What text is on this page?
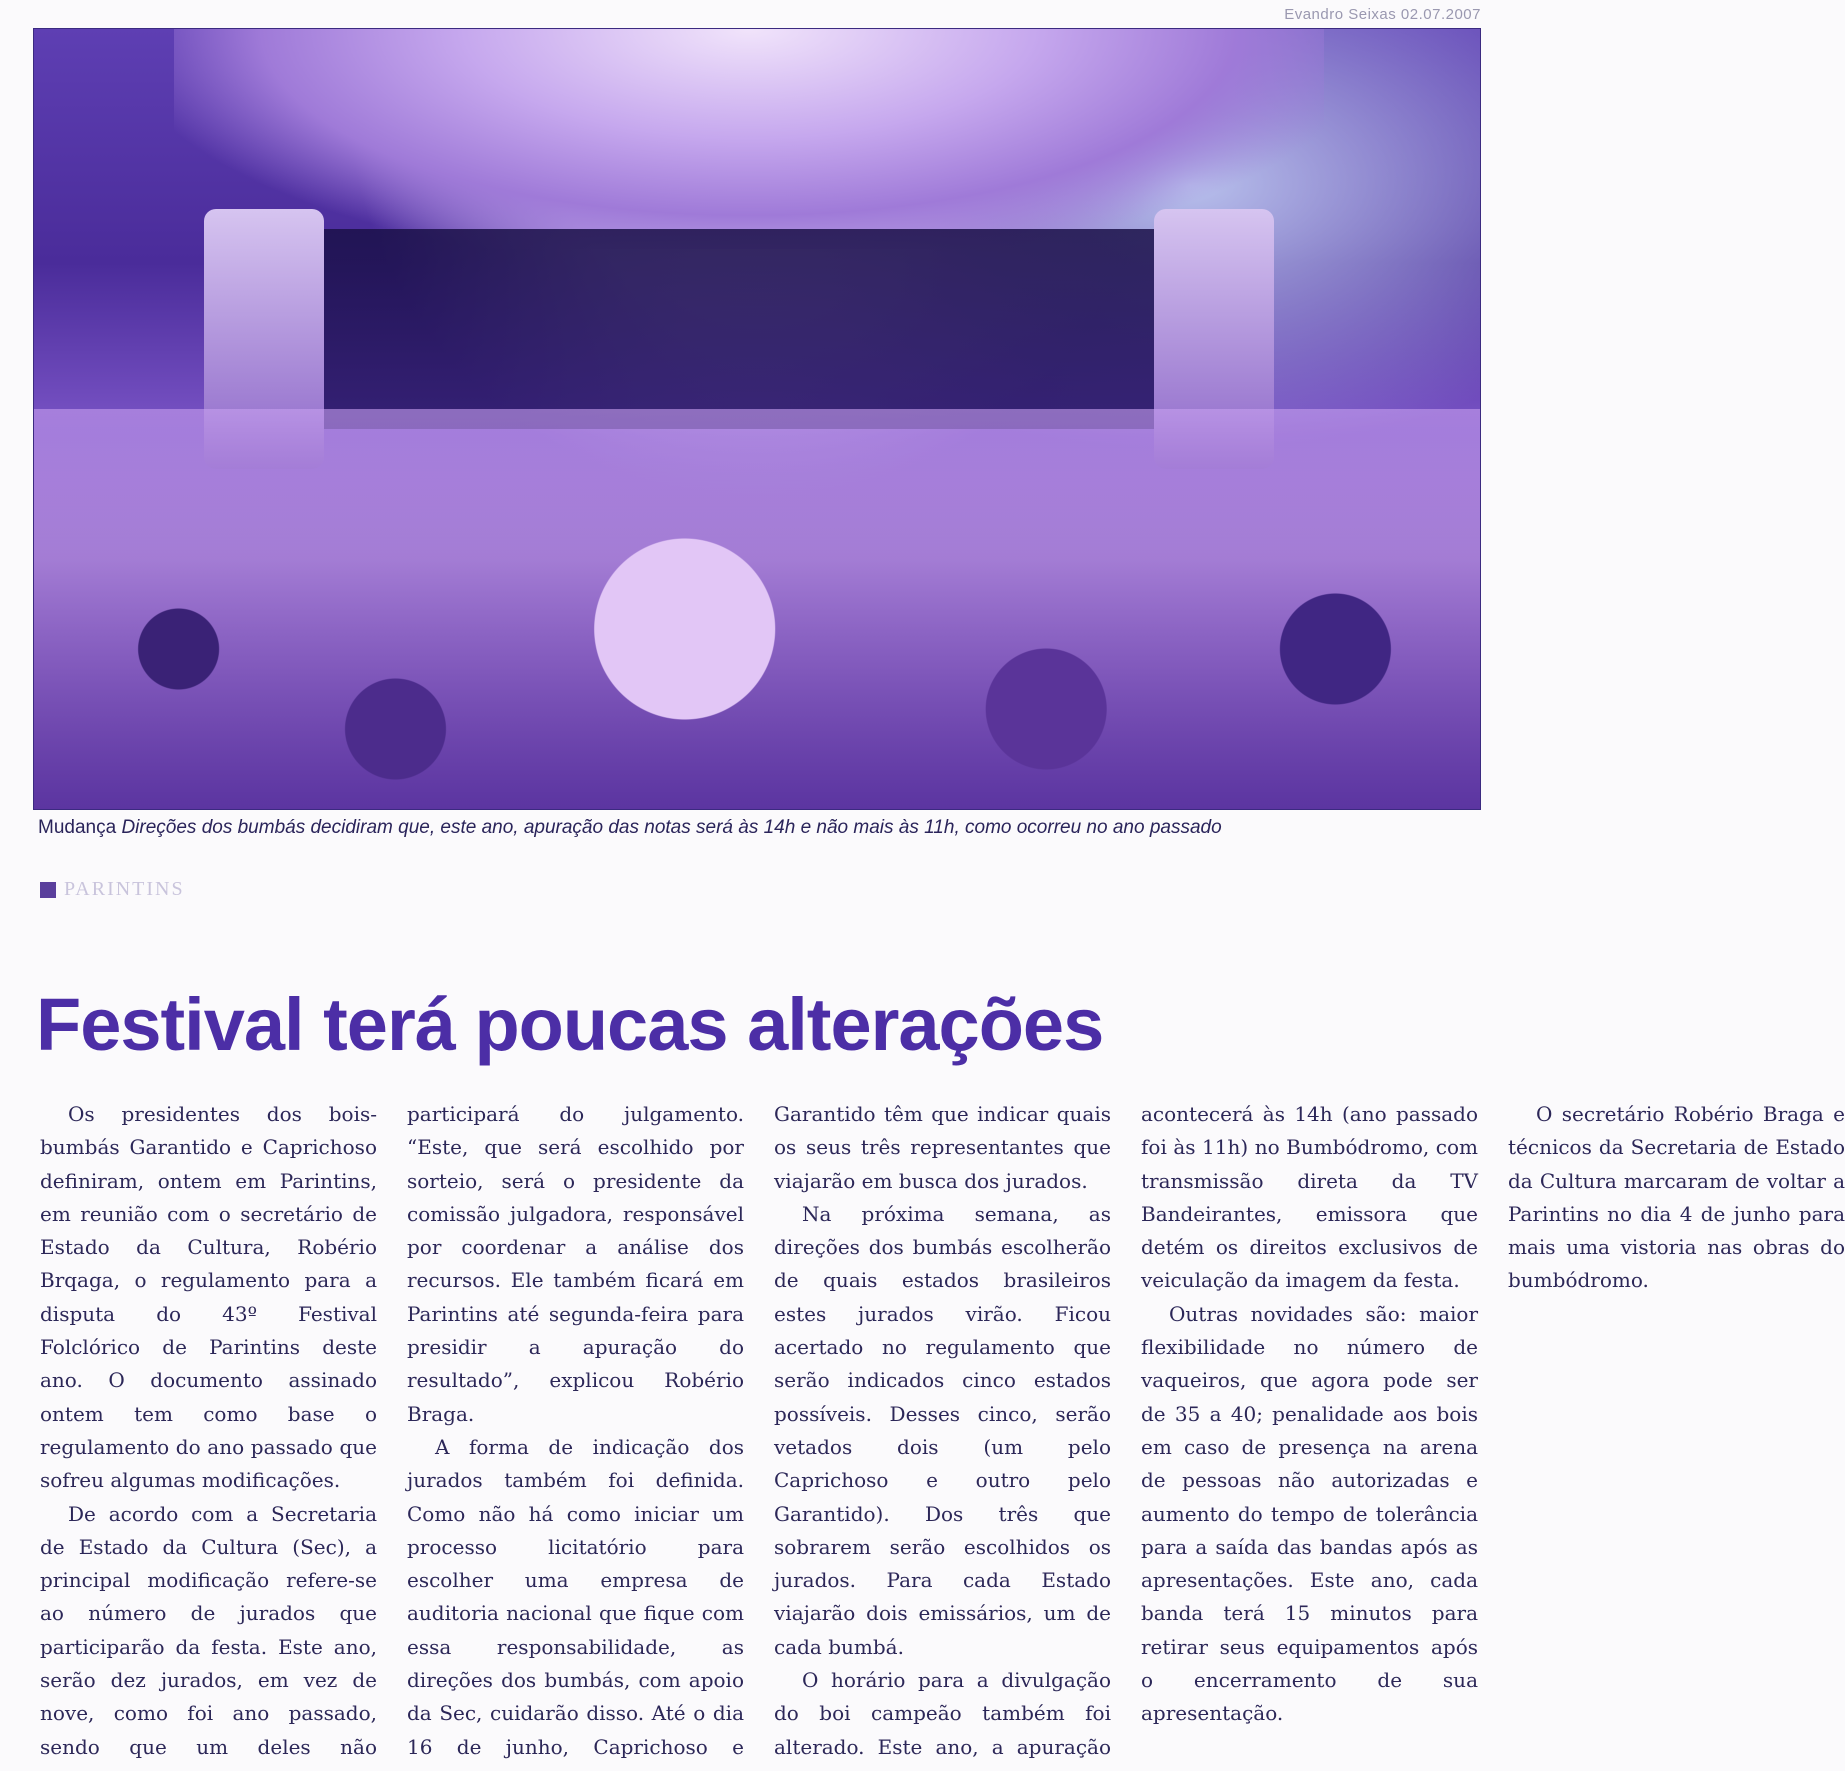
Evandro Seixas 02.07.2007
Mudança Direções dos bumbás decidiram que, este ano, apuração das notas será às 14h e não mais às 11h, como ocorreu no ano passado
PARINTINS
Festival terá poucas alterações

Os presidentes dos bois-bumbás Garantido e Caprichoso definiram, ontem em Parintins, em reunião com o secretário de Estado da Cultura, Robério Brqaga, o regulamento para a disputa do 43º Festival Folclórico de Parintins deste ano. O documento assinado ontem tem como base o regulamento do ano passado que sofreu algumas modificações.

De acordo com a Secretaria de Estado da Cultura (Sec), a principal modificação refere-se ao número de jurados que participarão da festa. Este ano, serão dez jurados, em vez de nove, como foi ano passado, sendo que um deles não participará do julgamento. “Este, que será escolhido por sorteio, será o presidente da comissão julgadora, responsável por coordenar a análise dos recursos. Ele também ficará em Parintins até segunda-feira para presidir a apuração do resultado”, explicou Robério Braga.

A forma de indicação dos jurados também foi definida. Como não há como iniciar um processo licitatório para escolher uma empresa de auditoria nacional que fique com essa responsabilidade, as direções dos bumbás, com apoio da Sec, cuidarão disso. Até o dia 16 de junho, Caprichoso e Garantido têm que indicar quais os seus três representantes que viajarão em busca dos jurados.

Na próxima semana, as direções dos bumbás escolherão de quais estados brasileiros estes jurados virão. Ficou acertado no regulamento que serão indicados cinco estados possíveis. Desses cinco, serão vetados dois (um pelo Caprichoso e outro pelo Garantido). Dos três que sobrarem serão escolhidos os jurados. Para cada Estado viajarão dois emissários, um de cada bumbá.

O horário para a divulgação do boi campeão também foi alterado. Este ano, a apuração acontecerá às 14h (ano passado foi às 11h) no Bumbódromo, com transmissão direta da TV Bandeirantes, emissora que detém os direitos exclusivos de veiculação da imagem da festa.

Outras novidades são: maior flexibilidade no número de vaqueiros, que agora pode ser de 35 a 40; penalidade aos bois em caso de presença na arena de pessoas não autorizadas e aumento do tempo de tolerância para a saída das bandas após as apresentações. Este ano, cada banda terá 15 minutos para retirar seus equipamentos após o encerramento de sua apresentação.

O secretário Robério Braga e técnicos da Secretaria de Estado da Cultura marcaram de voltar a Parintins no dia 4 de junho para mais uma vistoria nas obras do bumbódromo.
